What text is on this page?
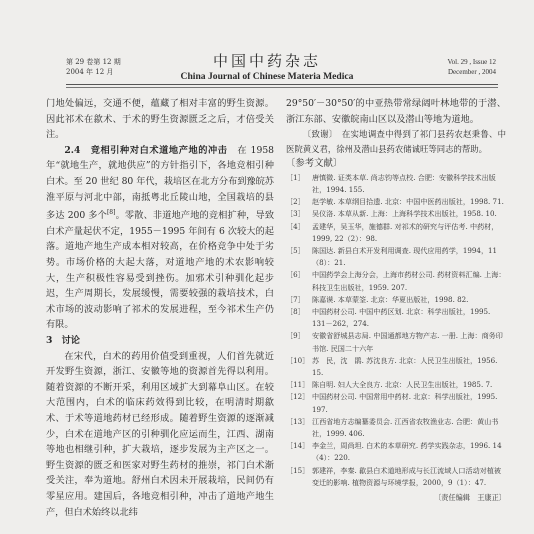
第 29 卷第 12 期
2004 年 12 月
中国中药杂志
China Journal of Chinese Materia Medica
Vol. 29 , Issue 12
December , 2004

门地处偏远，交通不便，蕴藏了相对丰富的野生资源。因此祁术在歙术、于术的野生资源匮乏之后，才倍受关注。

2.4　竞相引种对白术道地产地的冲击　 在 1958 年“就地生产，就地供应”的方针指引下，各地竞相引种白术。至 20 世纪 80 年代，栽培区在北方分布到豫皖苏淮平原与河北中部，南抵粤北丘陵山地，全国栽培的县多达 200 多个[8]。零散、非道地产地的竞相扩种，导致白术产量起伏不定，1955－1995 年间有 6 次较大的起落。道地产地生产成本相对较高，在价格竞争中处于劣势。市场价格的大起大落，对道地产地的术农影响较大，生产积极性容易受到挫伤。加邪术引种驯化起步迟，生产周期长，发展缓慢，需要较强的栽培技术，白术市场的波动影响了祁术的发展进程，至今祁术生产仍有限。

3　讨论

在宋代，白术的药用价值受到重视，人们首先就近开发野生资源，浙江、安徽等地的资源首先得以利用。随着资源的不断开采，利用区域扩大到幕阜山区。在较大范围内，白术的临床药效得到比较，在明清时期歙术、于术等道地药材已经形成。随着野生资源的逐渐减少，白术在道地产区的引种驯化应运而生，江西、湖南等地也相继引种，扩大栽培，逐步发展为主产区之一。野生资源的匮乏和医家对野生药材的推崇，祁门白术渐受关注，奉为道地。舒州白术因未开展栽培，民间仍有零星应用。建国后，各地竞相引种，冲击了道地产地生产，但白术始终以北纬

29°50′－30°50′的中亚热带常绿阔叶林地带的于潜、浙江东部、安徽皖南山区以及潜山等地为道地。

〔致谢〕　 在实地调查中得到了祁门县药农赵秉鲁、中医院黄义君，徐州及潜山县药农储诚旺等同志的帮助。

〔参考文献〕

［1］	唐慎微. 证类本草. 尚志钧等点校. 合肥：安徽科学技术出版社，1994. 155.
［2］	赵学敏. 本草纲目拾遗. 北京：中国中医药出版社，1998. 71.
［3］	吴仪洛. 本草从新. 上海：上海科学技术出版社，1958. 10.
［4］	孟建华，吴玉华，施德群. 对祁术的研究与评估考. 中药材，1999, 22（2）：98.
［5］	陈国达. 新县白术开发利用调查. 现代应用药学，1994，11（8）：21.
［6］	中国药学会上海分会，上海市药材公司. 药材资料汇编. 上海：科技卫生出版社，1959. 207.
［7］	陈嘉谟. 本草蒙筌. 北京：华夏出版社，1998. 82.
［8］	中国药材公司. 中国中药区划. 北京：科学出版社，1995. 131－262，274.
［9］	安徽省舒城县志局. 中国通都地方物产志. 一册. 上海：商务印书馆. 民国二十六年
［10］ 苏　民，沈　鹃. 苏沈良方. 北京：人民卫生出版社，1956. 15.
［11］ 陈自明. 妇人大全良方. 北京：人民卫生出版社，1985. 7.
［12］ 中国药材公司. 中国常用中药材. 北京：科学出版社，1995. 197.
［13］ 江西省地方志编纂委员会. 江西省农牧渔业志. 合肥：黄山书社，1999. 406.
［14］ 李金兰，周尚坦. 白术的本草研究. 药学实践杂志，1996. 14（4）：220.
［15］ 郭建祥，李秦. 歙县白术道地形成与长江流域人口活动对植被变迁的影响. 植物资源与环境学报，2000，9（1）：47.
〔责任编辑　王康正〕
